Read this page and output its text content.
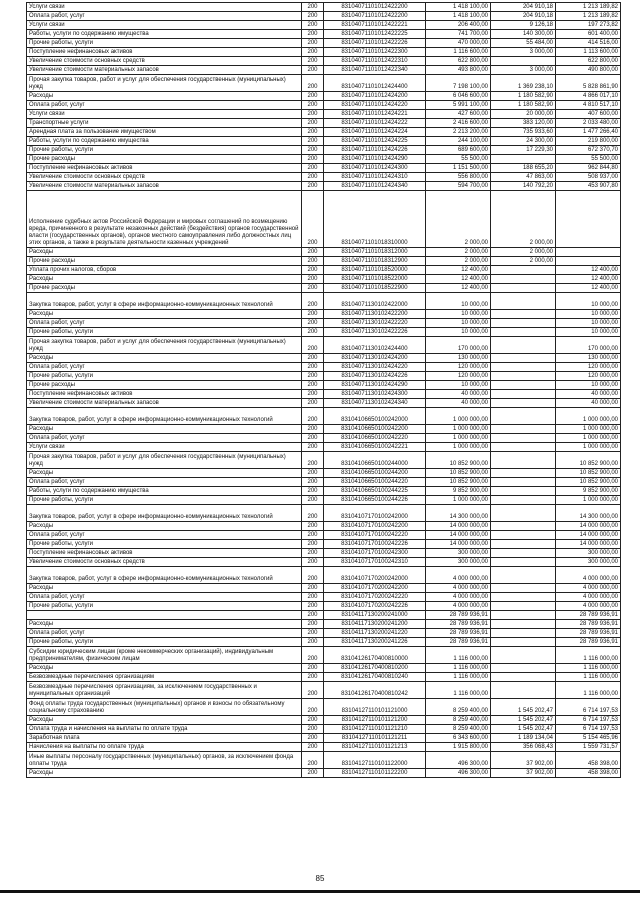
Услуги связи	200	83104071101012422200	1 418 100,00	204 910,18	1 213 189,82
Оплата работ, услуг	200	83104071101012422200	1 418 100,00	204 910,18	1 213 189,82
Услуги связи	200	83104071101012422221	206 400,00	9 126,18	197 273,82
Работы, услуги по содержанию имущества	200	83104071101012422225	741 700,00	140 300,00	601 400,00
Прочие работы, услуги	200	83104071101012422226	470 000,00	55 484,00	414 516,00
Поступление нефинансовых активов	200	83104071101012422300	1 116 600,00	3 000,00	1 113 600,00
Увеличение стоимости основных средств	200	83104071101012422310	622 800,00		622 800,00
Увеличение стоимости материальных запасов	200	83104071101012422340	493 800,00	3 000,00	490 800,00
Прочая закупка товаров, работ и услуг для обеспечения государственных (муниципальных) нужд	200	83104071101012424400	7 198 100,00	1 369 238,10	5 828 861,90
Расходы	200	83104071101012424200	6 046 600,00	1 180 582,90	4 866 017,10
Оплата работ, услуг	200	83104071101012424220	5 991 100,00	1 180 582,90	4 810 517,10
Услуги связи	200	83104071101012424221	427 600,00	20 000,00	407 600,00
Транспортные услуги	200	83104071101012424222	2 416 600,00	383 120,00	2 033 480,00
Арендная плата за пользование имуществом	200	83104071101012424224	2 213 200,00	735 933,60	1 477 266,40
Работы, услуги по содержанию имущества	200	83104071101012424225	244 100,00	24 300,00	219 800,00
Прочие работы, услуги	200	83104071101012424226	689 600,00	17 229,30	672 370,70
Прочие расходы	200	83104071101012424290	55 500,00		55 500,00
Поступление нефинансовых активов	200	83104071101012424300	1 151 500,00	188 655,20	962 844,80
Увеличение стоимости основных средств	200	83104071101012424310	556 800,00	47 863,00	508 937,00
Увеличение стоимости материальных запасов	200	83104071101012424340	594 700,00	140 792,20	453 907,80
Исполнение судебных актов Российской Федерации и мировых соглашений по возмещению вреда, причиненного в результате незаконных действий (бездействия) органов государственной власти (государственных органов), органов местного самоуправления либо должностных лиц этих органов, а также в результате деятельности казенных учреждений	200	83104071101018310000	2 000,00	2 000,00	
Расходы	200	83104071101018312000	2 000,00	2 000,00	
Прочие расходы	200	83104071101018312900	2 000,00	2 000,00	
Уплата прочих налогов, сборов	200	83104071101018520000	12 400,00		12 400,00
Расходы	200	83104071101018522000	12 400,00		12 400,00
Прочие расходы	200	83104071101018522900	12 400,00		12 400,00
Закупка товаров, работ, услуг в сфере информационно-коммуникационных технологий	200	83104071130102422000	10 000,00		10 000,00
Расходы	200	83104071130102422200	10 000,00		10 000,00
Оплата работ, услуг	200	83104071130102422220	10 000,00		10 000,00
Прочие работы, услуги	200	83104071130102422226	10 000,00		10 000,00
Прочая закупка товаров, работ и услуг для обеспечения государственных (муниципальных) нужд	200	83104071130102424400	170 000,00		170 000,00
Расходы	200	83104071130102424200	130 000,00		130 000,00
Оплата работ, услуг	200	83104071130102424220	120 000,00		120 000,00
Прочие работы, услуги	200	83104071130102424226	120 000,00		120 000,00
Прочие расходы	200	83104071130102424290	10 000,00		10 000,00
Поступление нефинансовых активов	200	83104071130102424300	40 000,00		40 000,00
Увеличение стоимости материальных запасов	200	83104071130102424340	40 000,00		40 000,00
Закупка товаров, работ, услуг в сфере информационно-коммуникационных технологий	200	83104106650100242000	1 000 000,00		1 000 000,00
Расходы	200	83104106650100242200	1 000 000,00		1 000 000,00
Оплата работ, услуг	200	83104106650100242220	1 000 000,00		1 000 000,00
Услуги связи	200	83104106650100242221	1 000 000,00		1 000 000,00
Прочая закупка товаров, работ и услуг для обеспечения государственных (муниципальных) нужд	200	83104106650100244000	10 852 900,00		10 852 900,00
Расходы	200	83104106650100244200	10 852 900,00		10 852 900,00
Оплата работ, услуг	200	83104106650100244220	10 852 900,00		10 852 900,00
Работы, услуги по содержанию имущества	200	83104106650100244225	9 852 900,00		9 852 900,00
Прочие работы, услуги	200	83104106650100244226	1 000 000,00		1 000 000,00
Закупка товаров, работ, услуг в сфере информационно-коммуникационных технологий	200	83104107170100242000	14 300 000,00		14 300 000,00
Расходы	200	83104107170100242200	14 000 000,00		14 000 000,00
Оплата работ, услуг	200	83104107170100242220	14 000 000,00		14 000 000,00
Прочие работы, услуги	200	83104107170100242226	14 000 000,00		14 000 000,00
Поступление нефинансовых активов	200	83104107170100242300	300 000,00		300 000,00
Увеличение стоимости основных средств	200	83104107170100242310	300 000,00		300 000,00
Закупка товаров, работ, услуг в сфере информационно-коммуникационных технологий	200	83104107170200242000	4 000 000,00		4 000 000,00
Расходы	200	83104107170200242200	4 000 000,00		4 000 000,00
Оплата работ, услуг	200	83104107170200242220	4 000 000,00		4 000 000,00
Прочие работы, услуги	200	83104107170200242226	4 000 000,00		4 000 000,00
	200	83104117130200241000	28 789 936,91		28 789 936,91
Расходы	200	83104117130200241200	28 789 936,91		28 789 936,91
Оплата работ, услуг	200	83104117130200241220	28 789 936,91		28 789 936,91
Прочие работы, услуги	200	83104117130200241226	28 789 936,91		28 789 936,91
Субсидии юридическим лицам (кроме некоммерческих организаций), индивидуальным предпринимателям, физическим лицам	200	83104126170400810000	1 116 000,00		1 116 000,00
Расходы	200	83104126170400810200	1 116 000,00		1 116 000,00
Безвозмездные перечисления организациям	200	83104126170400810240	1 116 000,00		1 116 000,00
Безвозмездные перечисления организациям, за исключением государственных и муниципальных организаций	200	83104126170400810242	1 116 000,00		1 116 000,00
Фонд оплаты труда государственных (муниципальных) органов и взносы по обязательному социальному страхованию	200	83104127110101121000	8 259 400,00	1 545 202,47	6 714 197,53
Расходы	200	83104127110101121200	8 259 400,00	1 545 202,47	6 714 197,53
Оплата труда и начисления на выплаты по оплате труда	200	83104127110101121210	8 259 400,00	1 545 202,47	6 714 197,53
Заработная плата	200	83104127110101121211	6 343 600,00	1 189 134,04	5 154 465,96
Начисления на выплаты по оплате труда	200	83104127110101121213	1 915 800,00	356 068,43	1 559 731,57
Иные выплаты персоналу государственных (муниципальных) органов, за исключением фонда оплаты труда	200	83104127110101122000	496 300,00	37 902,00	458 398,00
Расходы	200	83104127110101122200	496 300,00	37 902,00	458 398,00
85
